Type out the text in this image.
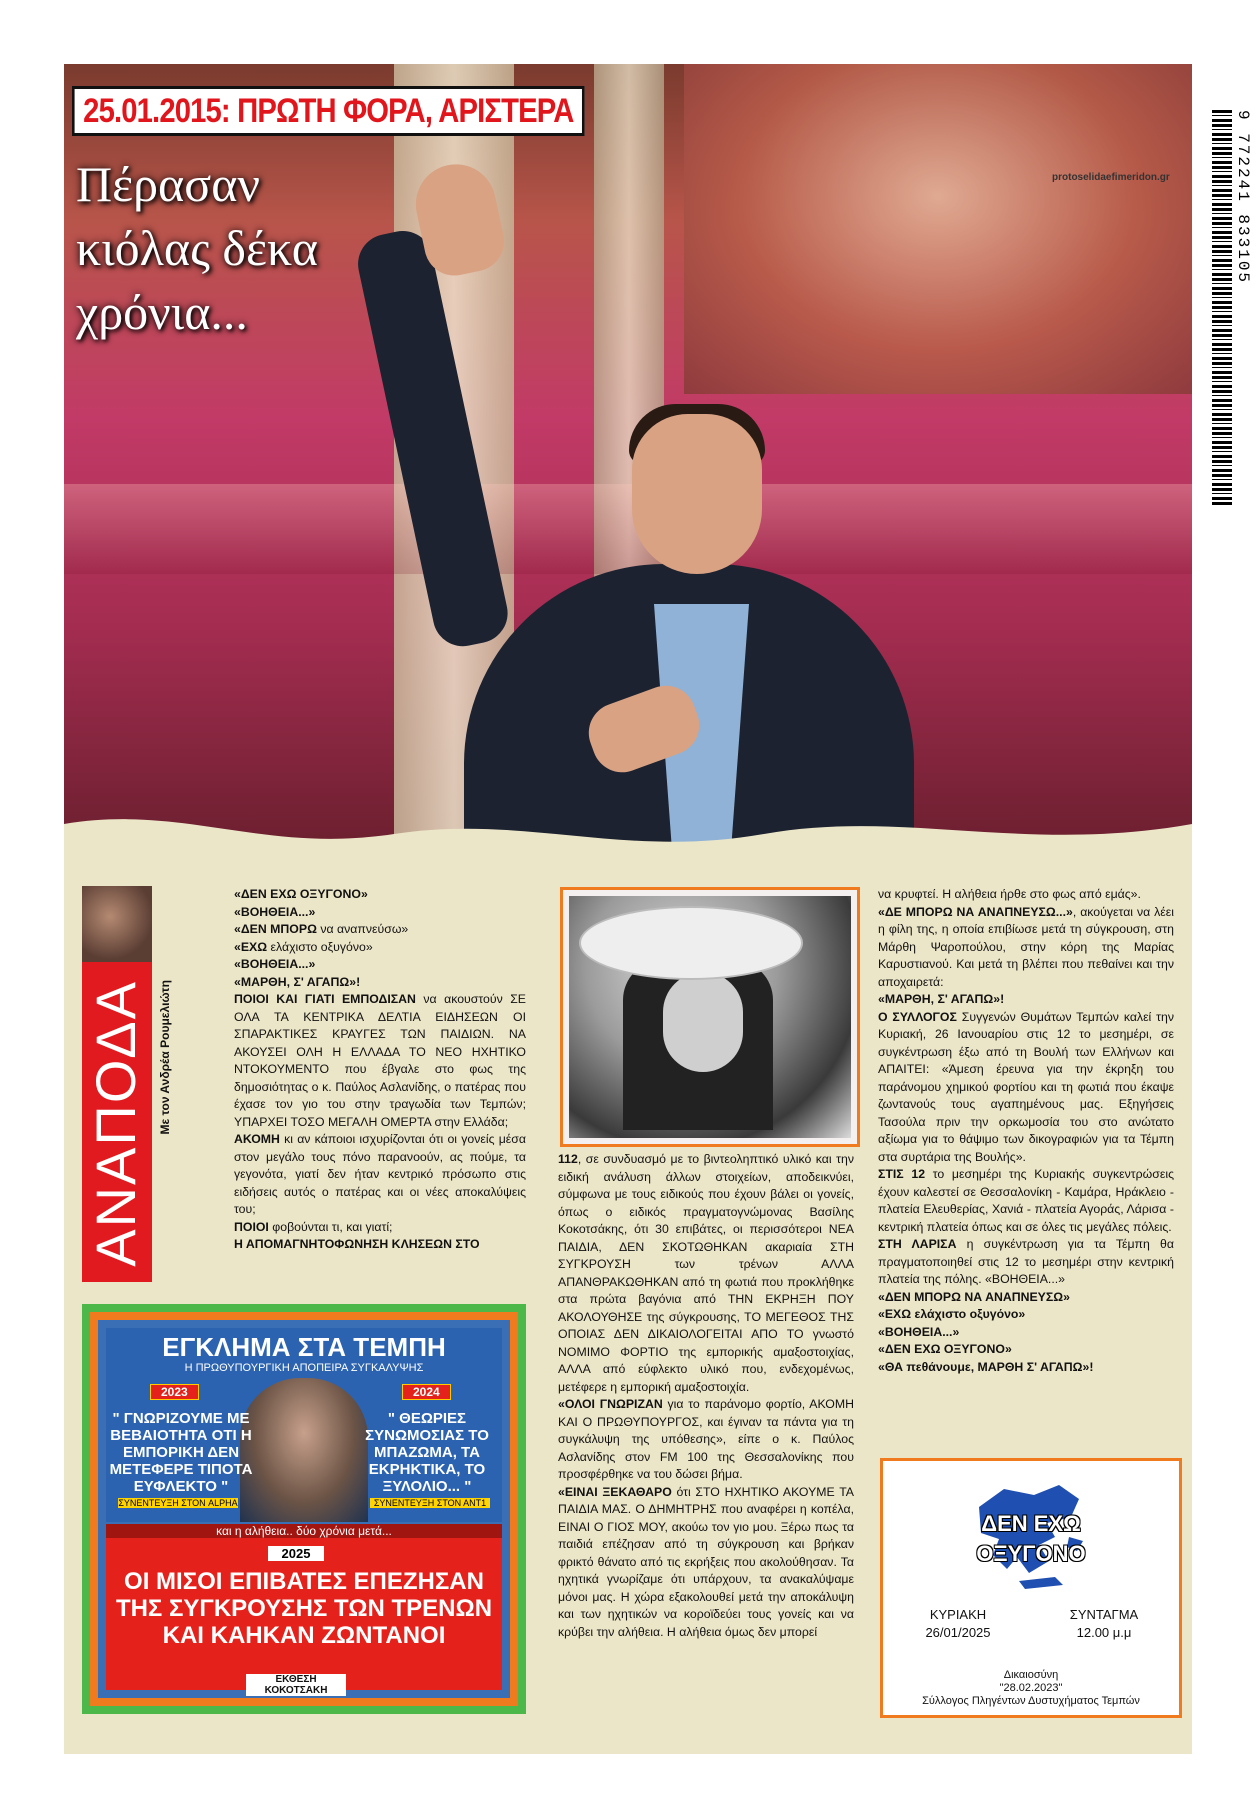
25.01.2015: ΠΡΩΤΗ ΦΟΡΑ, ΑΡΙΣΤΕΡΑ
Πέρασαν
κιόλας δέκα
χρόνια...
protoselidaefimeridon.gr	9 772241 833105
ΑΝΑΠΟΔΑ Με τον Ανδρέα Ρουμελιώτη

«ΔΕΝ ΕΧΩ ΟΞΥΓΟΝΟ»

«ΒΟΗΘΕΙΑ...»

«ΔΕΝ ΜΠΟΡΩ να αναπνεύσω»

«ΕΧΩ ελάχιστο οξυγόνο»

«ΒΟΗΘΕΙΑ...»

«ΜΑΡΘΗ, Σ' ΑΓΑΠΩ»!

ΠΟΙΟΙ ΚΑΙ ΓΙΑΤΙ ΕΜΠΟΔΙΣΑΝ να ακουστούν ΣΕ ΟΛΑ ΤΑ ΚΕΝΤΡΙΚΑ ΔΕΛΤΙΑ ΕΙΔΗΣΕΩΝ ΟΙ ΣΠΑΡΑΚΤΙΚΕΣ ΚΡΑΥΓΕΣ ΤΩΝ ΠΑΙΔΙΩΝ. ΝΑ ΑΚΟΥΣΕΙ ΟΛΗ Η ΕΛΛΑΔΑ ΤΟ ΝΕΟ ΗΧΗΤΙΚΟ ΝΤΟΚΟΥΜΕΝΤΟ που έβγαλε στο φως της δημοσιότητας ο κ. Παύλος Ασλανίδης, ο πατέρας που έχασε τον γιο του στην τραγωδία των Τεμπών; ΥΠΑΡΧΕΙ ΤΟΣΟ ΜΕΓΑΛΗ ΟΜΕΡΤΑ στην Ελλάδα;

ΑΚΟΜΗ κι αν κάποιοι ισχυρίζονται ότι οι γονείς μέσα στον μεγάλο τους πόνο παρανοούν, ας πούμε, τα γεγονότα, γιατί δεν ήταν κεντρικό πρόσωπο στις ειδήσεις αυτός ο πατέρας και οι νέες αποκαλύψεις του;

ΠΟΙΟΙ φοβούνται τι, και γιατί;

Η ΑΠΟΜΑΓΝΗΤΟΦΩΝΗΣΗ ΚΛΗΣΕΩΝ ΣΤΟ

112, σε συνδυασμό με το βιντεοληπτικό υλικό και την ειδική ανάλυση άλλων στοιχείων, αποδεικνύει, σύμφωνα με τους ειδικούς που έχουν βάλει οι γονείς, όπως ο ειδικός πραγματογνώμονας Βασίλης Κοκοτσάκης, ότι 30 επιβάτες, οι περισσότεροι ΝΕΑ ΠΑΙΔΙΑ, ΔΕΝ ΣΚΟΤΩΘΗΚΑΝ ακαριαία ΣΤΗ ΣΥΓΚΡΟΥΣΗ των τρένων ΑΛΛΑ ΑΠΑΝΘΡΑΚΩΘΗΚΑΝ από τη φωτιά που προκλήθηκε στα πρώτα βαγόνια από ΤΗΝ ΕΚΡΗΞΗ ΠΟΥ ΑΚΟΛΟΥΘΗΣΕ της σύγκρουσης, ΤΟ ΜΕΓΕΘΟΣ ΤΗΣ ΟΠΟΙΑΣ ΔΕΝ ΔΙΚΑΙΟΛΟΓΕΙΤΑΙ ΑΠΟ ΤΟ γνωστό ΝΟΜΙΜΟ ΦΟΡΤΙΟ της εμπορικής αμαξοστοιχίας, ΑΛΛΑ από εύφλεκτο υλικό που, ενδεχομένως, μετέφερε η εμπορική αμαξοστοιχία.

«ΟΛΟΙ ΓΝΩΡΙΖΑΝ για το παράνομο φορτίο, ΑΚΟΜΗ ΚΑΙ Ο ΠΡΩΘΥΠΟΥΡΓΟΣ, και έγιναν τα πάντα για τη συγκάλυψη της υπόθεσης», είπε ο κ. Παύλος Ασλανίδης στον FM 100 της Θεσσαλονίκης που προσφέρθηκε να του δώσει βήμα.

«ΕΙΝΑΙ ΞΕΚΑΘΑΡΟ ότι ΣΤΟ ΗΧΗΤΙΚΟ ΑΚΟΥΜΕ ΤΑ ΠΑΙΔΙΑ ΜΑΣ. Ο ΔΗΜΗΤΡΗΣ που αναφέρει η κοπέλα, ΕΙΝΑΙ Ο ΓΙΟΣ ΜΟΥ, ακούω τον γιο μου. Ξέρω πως τα παιδιά επέζησαν από τη σύγκρουση και βρήκαν φρικτό θάνατο από τις εκρήξεις που ακολούθησαν. Τα ηχητικά γνωρίζαμε ότι υπάρχουν, τα ανακαλύψαμε μόνοι μας. Η χώρα εξακολουθεί μετά την αποκάλυψη και των ηχητικών να κοροϊδεύει τους γονείς και να κρύβει την αλήθεια. Η αλήθεια όμως δεν μπορεί

να κρυφτεί. Η αλήθεια ήρθε στο φως από εμάς».

«ΔΕ ΜΠΟΡΩ ΝΑ ΑΝΑΠΝΕΥΣΩ...», ακούγεται να λέει η φίλη της, η οποία επιβίωσε μετά τη σύγκρουση, στη Μάρθη Ψαροπούλου, στην κόρη της Μαρίας Καρυστιανού. Και μετά τη βλέπει που πεθαίνει και την αποχαιρετά:

«ΜΑΡΘΗ, Σ' ΑΓΑΠΩ»!

Ο ΣΥΛΛΟΓΟΣ Συγγενών Θυμάτων Τεμπών καλεί την Κυριακή, 26 Ιανουαρίου στις 12 το μεσημέρι, σε συγκέντρωση έξω από τη Βουλή των Ελλήνων και ΑΠΑΙΤΕΙ: «Άμεση έρευνα για την έκρηξη του παράνομου χημικού φορτίου και τη φωτιά που έκαψε ζωντανούς τους αγαπημένους μας. Εξηγήσεις Τασούλα πριν την ορκωμοσία του στο ανώτατο αξίωμα για το θάψιμο των δικογραφιών για τα Τέμπη στα συρτάρια της Βουλής».

ΣΤΙΣ 12 το μεσημέρι της Κυριακής συγκεντρώσεις έχουν καλεστεί σε Θεσσαλονίκη - Καμάρα, Ηράκλειο - πλατεία Ελευθερίας, Χανιά - πλατεία Αγοράς, Λάρισα - κεντρική πλατεία όπως και σε όλες τις μεγάλες πόλεις.

ΣΤΗ ΛΑΡΙΣΑ η συγκέντρωση για τα Τέμπη θα πραγματοποιηθεί στις 12 το μεσημέρι στην κεντρική πλατεία της πόλης. «ΒΟΗΘΕΙΑ...»

«ΔΕΝ ΜΠΟΡΩ ΝΑ ΑΝΑΠΝΕΥΣΩ»

«ΕΧΩ ελάχιστο οξυγόνο»

«ΒΟΗΘΕΙΑ...»

«ΔΕΝ ΕΧΩ ΟΞΥΓΟΝΟ»

«ΘΑ πεθάνουμε, ΜΑΡΘΗ Σ' ΑΓΑΠΩ»!

ΕΓΚΛΗΜΑ ΣΤΑ ΤΕΜΠΗ
Η ΠΡΩΘΥΠΟΥΡΓΙΚΗ ΑΠΟΠΕΙΡΑ ΣΥΓΚΑΛΥΨΗΣ
2023	2024
" ΓΝΩΡΙΖΟΥΜΕ ΜΕ ΒΕΒΑΙΟΤΗΤΑ ΟΤΙ Η ΕΜΠΟΡΙΚΗ ΔΕΝ ΜΕΤΕΦΕΡΕ ΤΙΠΟΤΑ ΕΥΦΛΕΚΤΟ "
" ΘΕΩΡΙΕΣ ΣΥΝΩΜΟΣΙΑΣ ΤΟ ΜΠΑΖΩΜΑ, ΤΑ ΕΚΡΗΚΤΙΚΑ, ΤΟ ΞΥΛΟΛΙΟ... "
ΣΥΝΕΝΤΕΥΞΗ ΣΤΟΝ ALPHA	ΣΥΝΕΝΤΕΥΞΗ ΣΤΟΝ ΑΝΤ1
και η αλήθεια.. δύο χρόνια μετά...
2025
ΟΙ ΜΙΣΟΙ ΕΠΙΒΑΤΕΣ ΕΠΕΖΗΣΑΝ ΤΗΣ ΣΥΓΚΡΟΥΣΗΣ ΤΩΝ ΤΡΕΝΩΝ ΚΑΙ ΚΑΗΚΑΝ ΖΩΝΤΑΝΟΙ
ΕΚΘΕΣΗ ΚΟΚΟΤΣΑΚΗ
ΔΕΝ ΕΧΩ
ΟΞΥΓΟΝΟ
ΚΥΡΙΑΚΗ
26/01/2025
ΣΥΝΤΑΓΜΑ
12.00 μ.μ
Δικαιοσύνη
"28.02.2023"
Σύλλογος Πληγέντων Δυστυχήματος Τεμπών
